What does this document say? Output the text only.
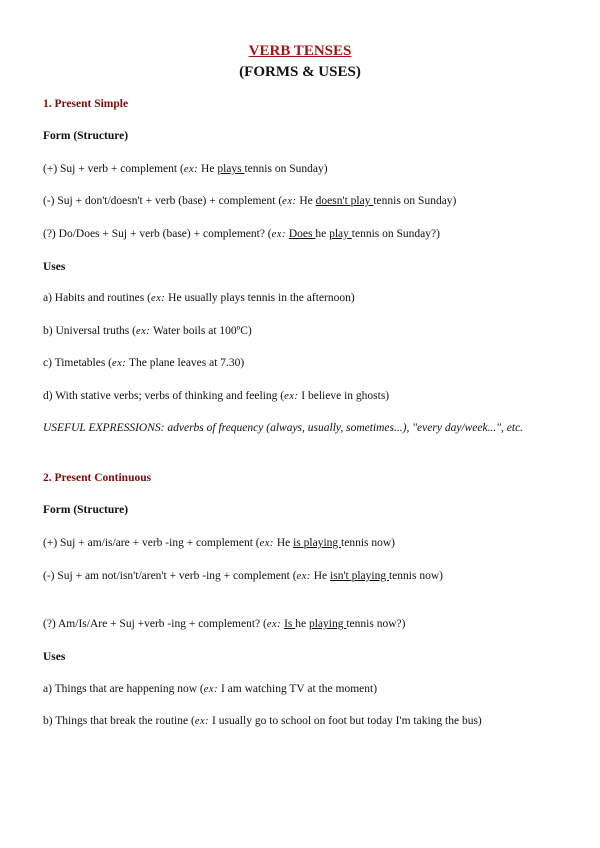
VERB TENSES
(FORMS & USES)
1. Present Simple
Form (Structure)
(+) Suj + verb + complement (ex: He plays tennis on Sunday)
(-) Suj + don't/doesn't + verb (base) + complement (ex: He doesn't play tennis on Sunday)
(?) Do/Does + Suj + verb (base) + complement? (ex: Does he play tennis on Sunday?)
Uses
a) Habits and routines (ex: He usually plays tennis in the afternoon)
b) Universal truths (ex: Water boils at 100ºC)
c) Timetables (ex: The plane leaves at 7.30)
d) With stative verbs; verbs of thinking and feeling (ex: I believe in ghosts)
USEFUL EXPRESSIONS: adverbs of frequency (always, usually, sometimes...), "every day/week...", etc.
2. Present Continuous
Form (Structure)
(+) Suj + am/is/are + verb -ing + complement (ex: He is playing tennis now)
(-) Suj + am not/isn't/aren't + verb -ing + complement (ex: He isn't playing tennis now)
(?) Am/Is/Are + Suj +verb -ing + complement? (ex: Is he playing tennis now?)
Uses
a) Things that are happening now (ex: I am watching TV at the moment)
b) Things that break the routine (ex: I usually go to school on foot but today I'm taking the bus)
